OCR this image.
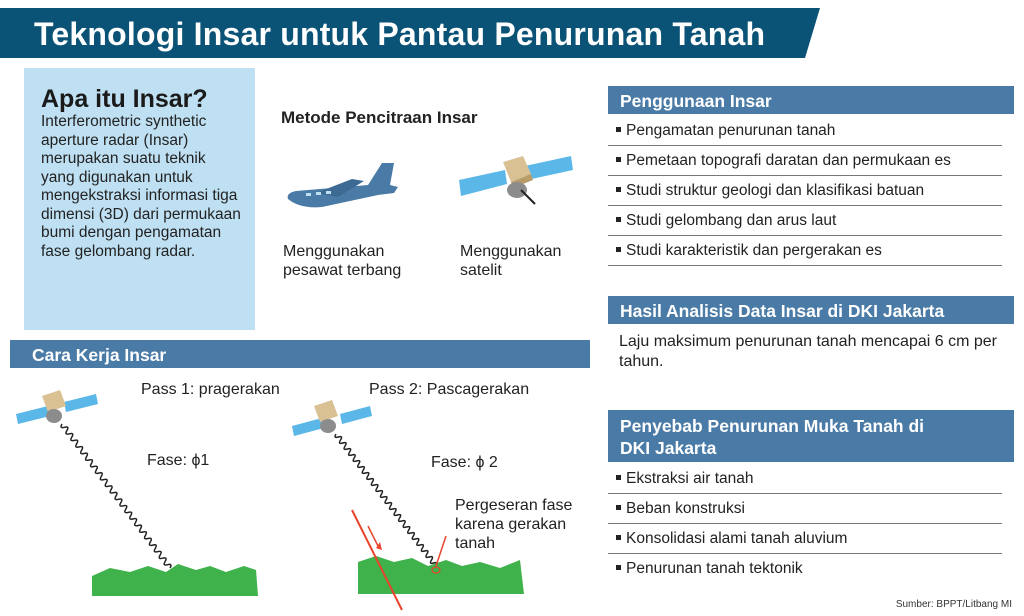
Teknologi Insar untuk Pantau Penurunan Tanah
Apa itu Insar?
Interferometric synthetic aperture radar (Insar) merupakan suatu teknik yang digunakan untuk mengekstraksi informasi tiga dimensi (3D) dari permukaan bumi dengan pengamatan fase gelombang radar.
Metode Pencitraan Insar
Menggunakan
pesawat terbang
Menggunakan
satelit
Cara Kerja Insar
Pass 1: pragerakan	Pass 2: Pascagerakan
Fase: ϕ1	Fase: ϕ 2
Pergeseran fase
karena gerakan
tanah
Penggunaan Insar
Pengamatan penurunan tanah
Pemetaan topografi daratan dan permukaan es
Studi struktur geologi dan klasifikasi batuan
Studi gelombang dan arus laut
Studi karakteristik dan pergerakan es
Hasil Analisis Data Insar di DKI Jakarta
Laju maksimum penurunan tanah mencapai 6 cm per tahun.
Penyebab Penurunan Muka Tanah di
DKI Jakarta
Ekstraksi air tanah
Beban konstruksi
Konsolidasi alami tanah aluvium
Penurunan tanah tektonik
Sumber: BPPT/Litbang MI
